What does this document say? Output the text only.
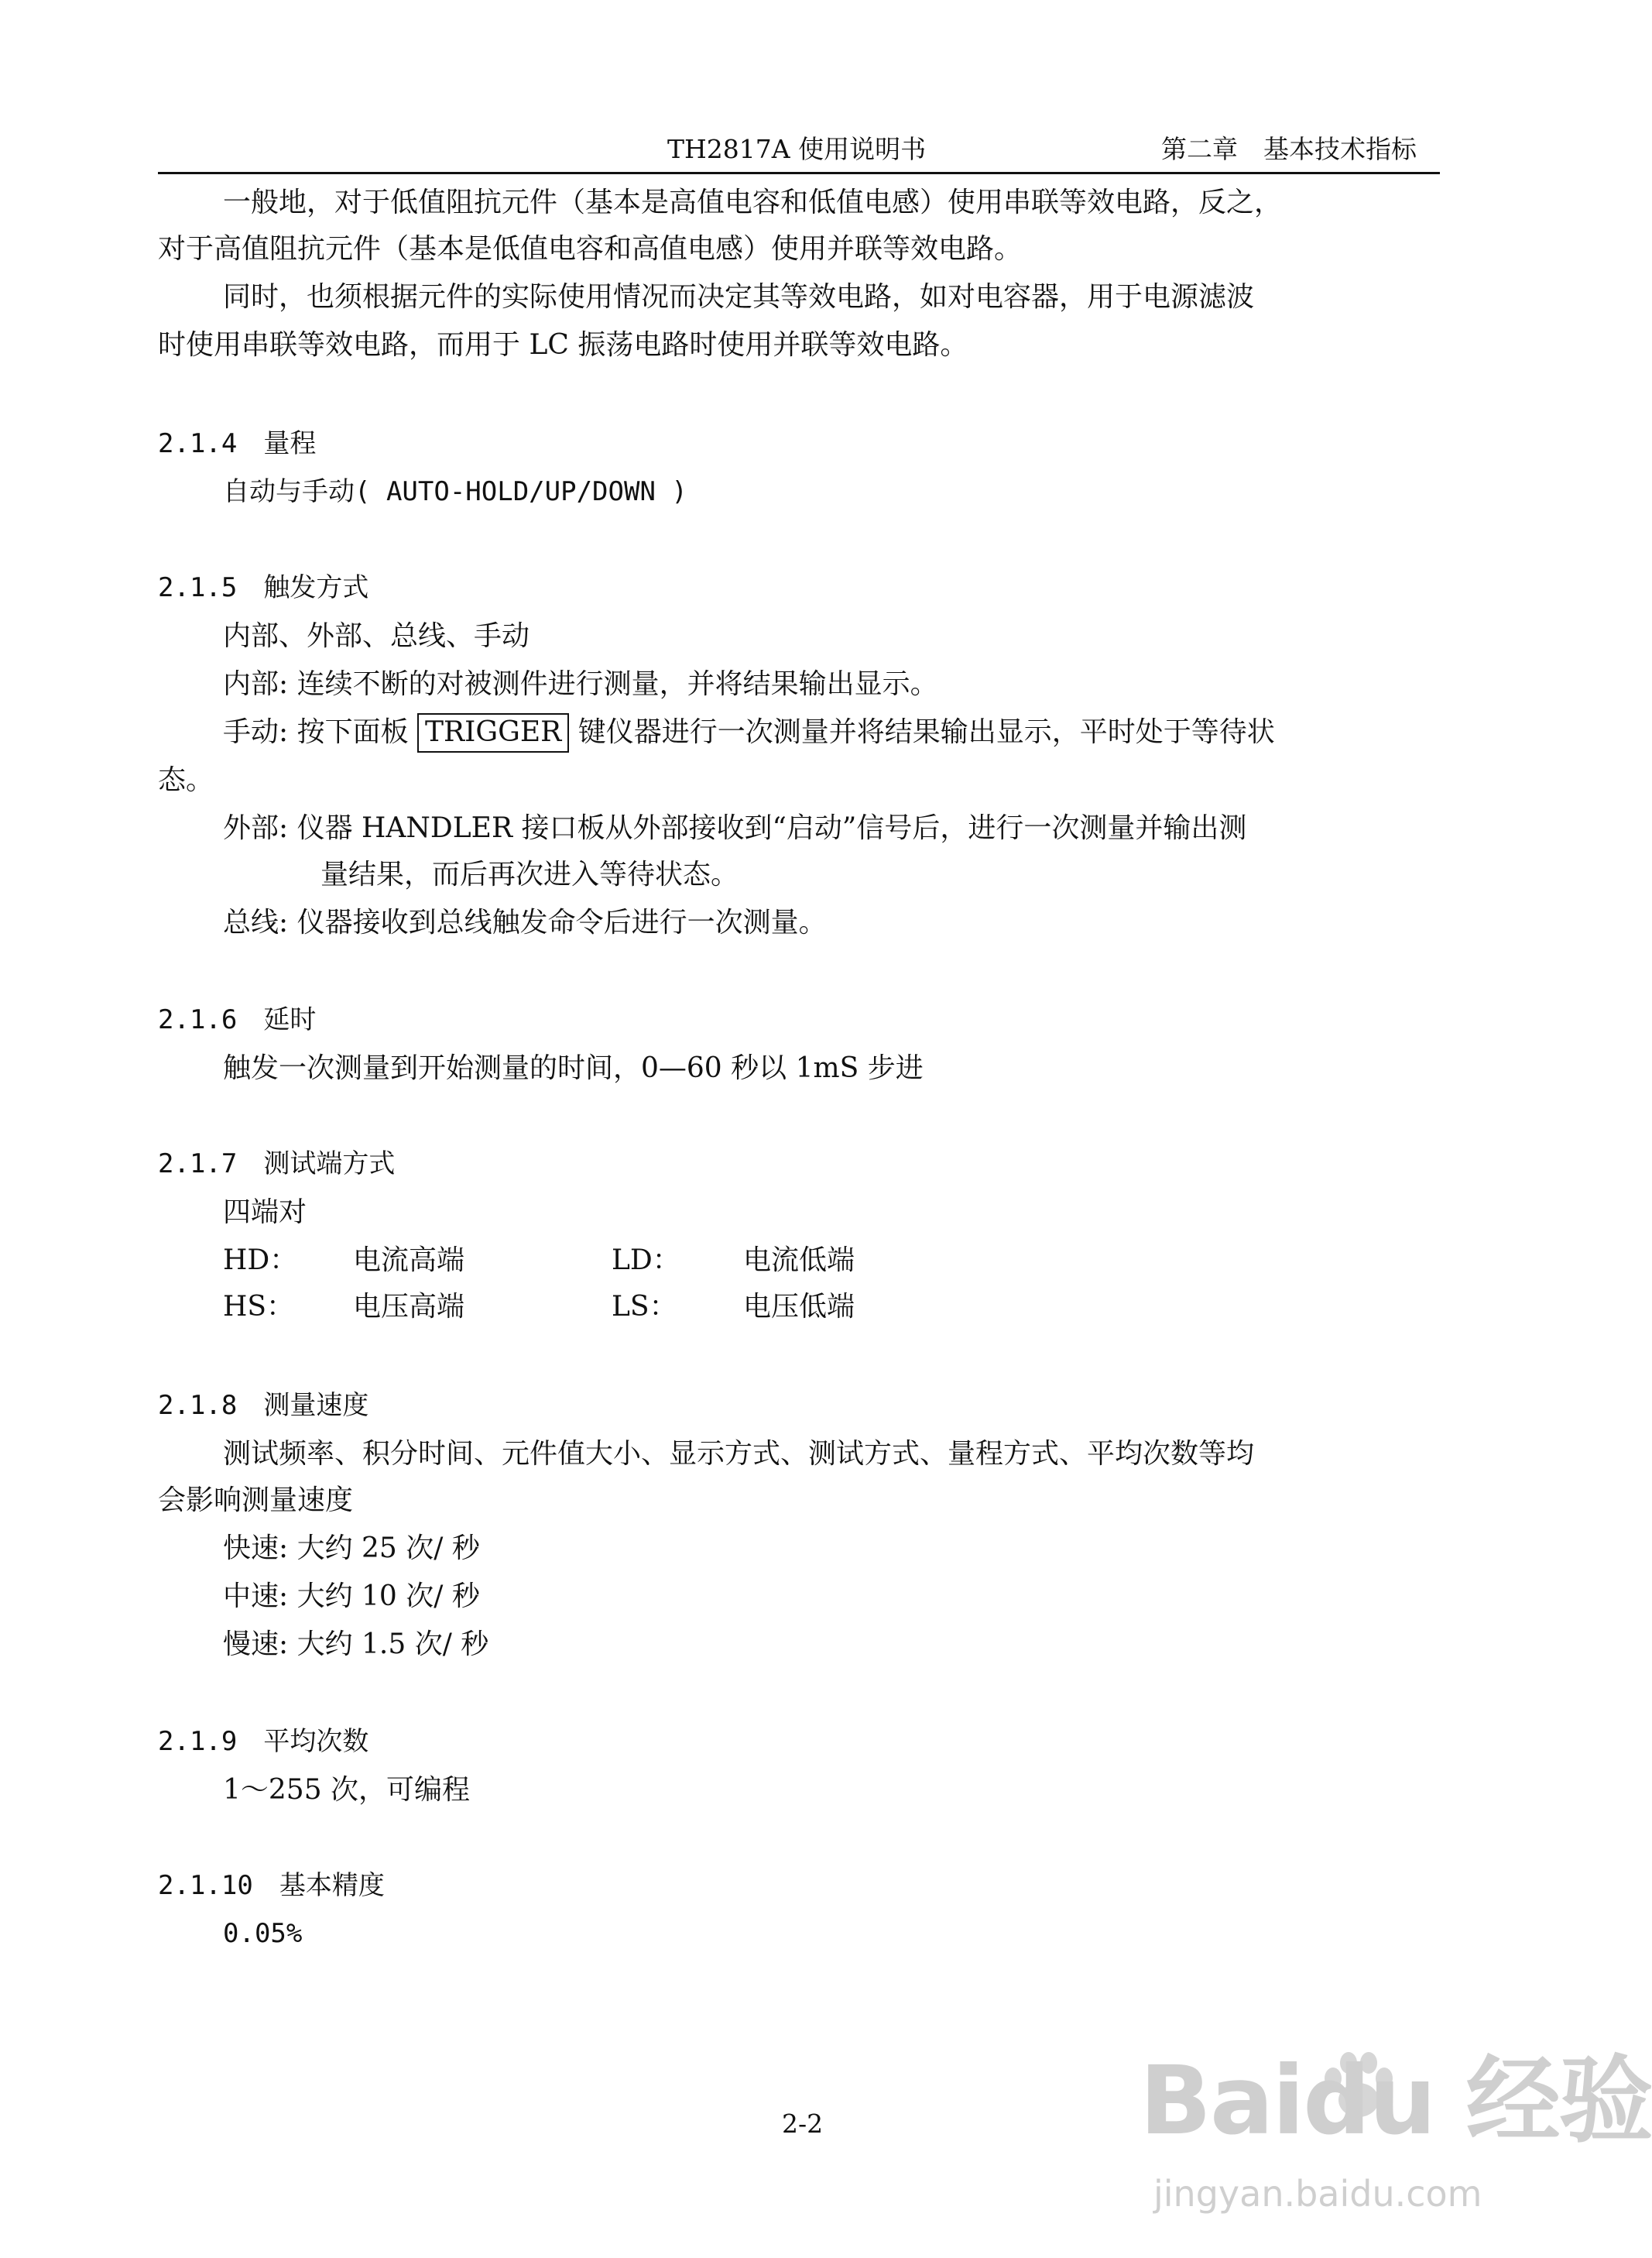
TH2817A 使用说明书	第二章　基本技术指标
一般地，对于低值阻抗元件（基本是高值电容和低值电感）使用串联等效电路，反之，
对于高值阻抗元件（基本是低值电容和高值电感）使用并联等效电路。
同时，也须根据元件的实际使用情况而决定其等效电路，如对电容器，用于电源滤波
时使用串联等效电路，而用于 LC 振荡电路时使用并联等效电路。
2.1.4　量程
自动与手动( AUTO-HOLD/UP/DOWN )
2.1.5　触发方式
内部、外部、总线、手动
内部: 连续不断的对被测件进行测量，并将结果输出显示。
手动: 按下面板 TRIGGER 键仪器进行一次测量并将结果输出显示，平时处于等待状
态。
外部: 仪器 HANDLER 接口板从外部接收到“启动”信号后，进行一次测量并输出测
量结果，而后再次进入等待状态。
总线: 仪器接收到总线触发命令后进行一次测量。
2.1.6　延时
触发一次测量到开始测量的时间，0—60 秒以 1mS 步进
2.1.7　测试端方式
四端对
HD： 电流高端	LD： 电流低端
HS： 电压高端	LS： 电压低端
2.1.8　测量速度
测试频率、积分时间、元件值大小、显示方式、测试方式、量程方式、平均次数等均
会影响测量速度
快速: 大约 25 次/ 秒
中速: 大约 10 次/ 秒
慢速: 大约 1.5 次/ 秒
2.1.9　平均次数
1～255 次，可编程
2.1.10　基本精度
0.05%
2-2	Baidu 经验
jingyan.baidu.com
